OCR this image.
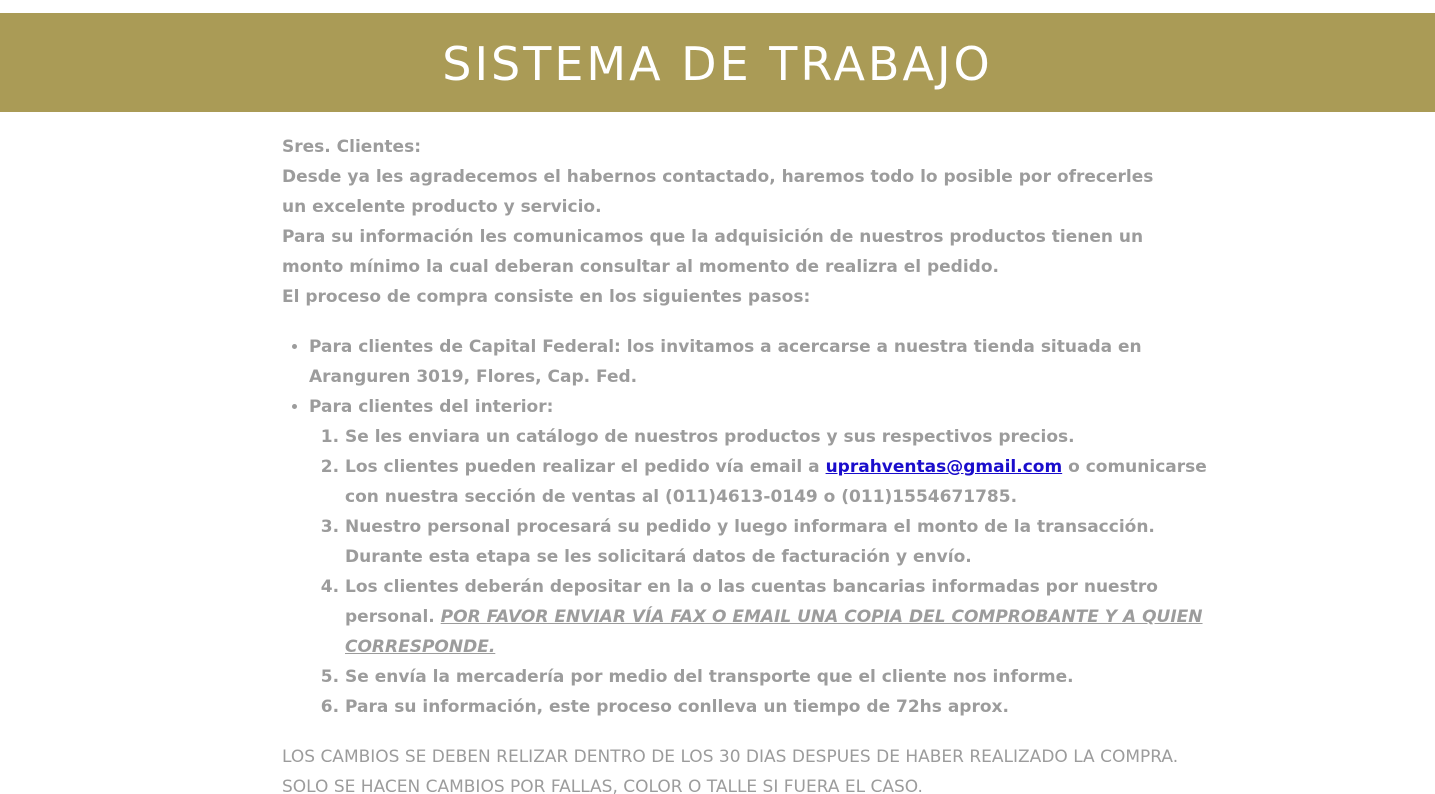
SISTEMA DE TRABAJO

Sres. Clientes:

Desde ya les agradecemos el habernos contactado, haremos todo lo posible por ofrecerles un excelente producto y servicio.

Para su información les comunicamos que la adquisición de nuestros productos tienen un monto mínimo la cual deberan consultar al momento de realizra el pedido.

El proceso de compra consiste en los siguientes pasos:

• Para clientes de Capital Federal: los invitamos a acercarse a nuestra tienda situada en Aranguren 3019, Flores, Cap. Fed.
• Para clientes del interior:
1. Se les enviara un catálogo de nuestros productos y sus respectivos precios.
2. Los clientes pueden realizar el pedido vía email a uprahventas@gmail.com o comunicarse con nuestra sección de ventas al (011)4613-0149 o (011)1554671785.
3. Nuestro personal procesará su pedido y luego informara el monto de la transacción. Durante esta etapa se les solicitará datos de facturación y envío.
4. Los clientes deberán depositar en la o las cuentas bancarias informadas por nuestro personal. POR FAVOR ENVIAR VÍA FAX O EMAIL UNA COPIA DEL COMPROBANTE Y A QUIEN CORRESPONDE.
5. Se envía la mercadería por medio del transporte que el cliente nos informe.
6. Para su información, este proceso conlleva un tiempo de 72hs aprox.

LOS CAMBIOS SE DEBEN RELIZAR DENTRO DE LOS 30 DIAS DESPUES DE HABER REALIZADO LA COMPRA.

SOLO SE HACEN CAMBIOS POR FALLAS, COLOR O TALLE SI FUERA EL CASO.
